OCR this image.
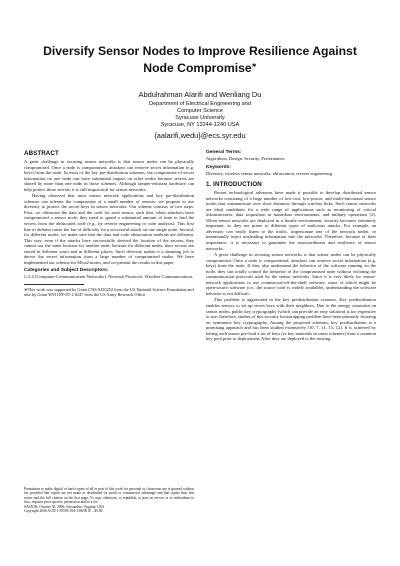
Diversify Sensor Nodes to Improve Resilience Against
Node Compromise∗
Abdulrahman Alarifi and Wenliang Du
Department of Electrical Engineering and
Computer Science
Syracuse University
Syracuse, NY 13244-1240 USA
{aalarifi,wedu}@ecs.syr.edu
ABSTRACT

A great challenge in securing sensor networks is that sensor nodes can be physically compromised. Once a node is compromised, attackers can retrieve secret information (e.g. keys) from the node. In most of the key pre-distribution schemes, the compromise of secret information on one node can have substantial impact on other nodes because secrets are shared by more than one node in those schemes. Although tamper-resistant hardware can help protect those secrets, it is still impractical for sensor networks.

Having observed that most sensor network applications and key pre-distribution schemes can tolerate the compromise of a small number of sensors, we propose to use diversity to protect the secret keys in sensor networks. Our scheme consists of two steps. First, we obfuscate the data and the code for each sensor, such that, when attackers have compromised a sensor node, they need to spend a substantial amount of time to find the secrets from the obfuscated code (e.g., by reverse engineering or code analysis). This first line of defense raises the bar of difficulty for a successful attack on one single node. Second, for different nodes, we make sure that the data and code obfuscation methods are different. This way, even if the attacks have successfully derived the location of the secrets, they cannot use the same location for another node, because for different nodes, their secrets are stored in different ways and in different places. Such diversity makes it a daunting job to derive the secret information from a large number of compromised nodes. We have implemented our scheme for Mica2 motes, and we present the results in this paper.

Categories and Subject Descriptors:

C.2.0 [Computer-Communication Networks]: Network Protocols, Wireless Communications

∗This work was supported by Grant CNS-0430252 from the US National Science Foundation and also by Grant W911NF-05-1-0247 from the US Army Research Office.

Permission to make digital or hard copies of all or part of this work for personal or classroom use is granted without fee provided that copies are not made or distributed for profit or commercial advantage and that copies bear this notice and the full citation on the first page. To copy otherwise, to republish, to post on servers or to redistribute to lists, requires prior specific permission and/or a fee.
SASN'06, October 30, 2006, Alexandria, Virginia, USA.
Copyright 2006 ACM 1-59593-554-1/06/0010 ...$5.00.
General Terms:

Algorithms, Design, Security, Performance.

Keywords:

Diversity, wireless sensor networks, obfuscation, reverse engineering.

1. INTRODUCTION

Recent technological advances have made it possible to develop distributed sensor networks consisting of a large number of low-cost, low-power, and multi-functional sensor nodes that communicate over short distances through wireless links. Such sensor networks are ideal candidates for a wide range of applications such as monitoring of critical infrastructures, data acquisition in hazardous environments, and military operations [2]. When sensor networks are deployed in a hostile environment, security becomes extremely important, as they are prone to different types of malicious attacks. For example, an adversary can easily listen to the traffic, impersonate one of the network nodes, or intentionally inject misleading information into the networks. Therefore, because of their importance, it is necessary to guarantee the trustworthiness and resilience of sensor networks.

A great challenge in securing sensor networks is that sensor nodes can be physically compromised. Once a node is compromised, attackers can retrieve secret information (e.g. keys) from the node. If they also understand the behavior of the software running on the node, they can totally control the behavior of the compromised node without violating the communication protocols used by the sensor networks. Since it is very likely for sensor-network applications to use commercial-off-the-shelf software, some of which might be open-source software (i.e., the source code is widely available), understanding the software behavior is not difficult.

This problem is aggravated in the key predistribution scenario. Key predistribution enables sensors to set up secret keys with their neighbors. Due to the energy constraint on sensor nodes, public key cryptography (which can provide an easy solution) is too expensive to use; therefore, studies of this security bootstrapping problem have been primarily focusing on symmetric key cryptography. Among the proposed schemes, key predistribution is a promising approach and has been studied extensively [10, 7, 11, 15, 12]. It is achieved by letting each sensor pre-load a set of keys (or key materials in some schemes) from a common key pool prior to deployment. After they are deployed to the sensing
